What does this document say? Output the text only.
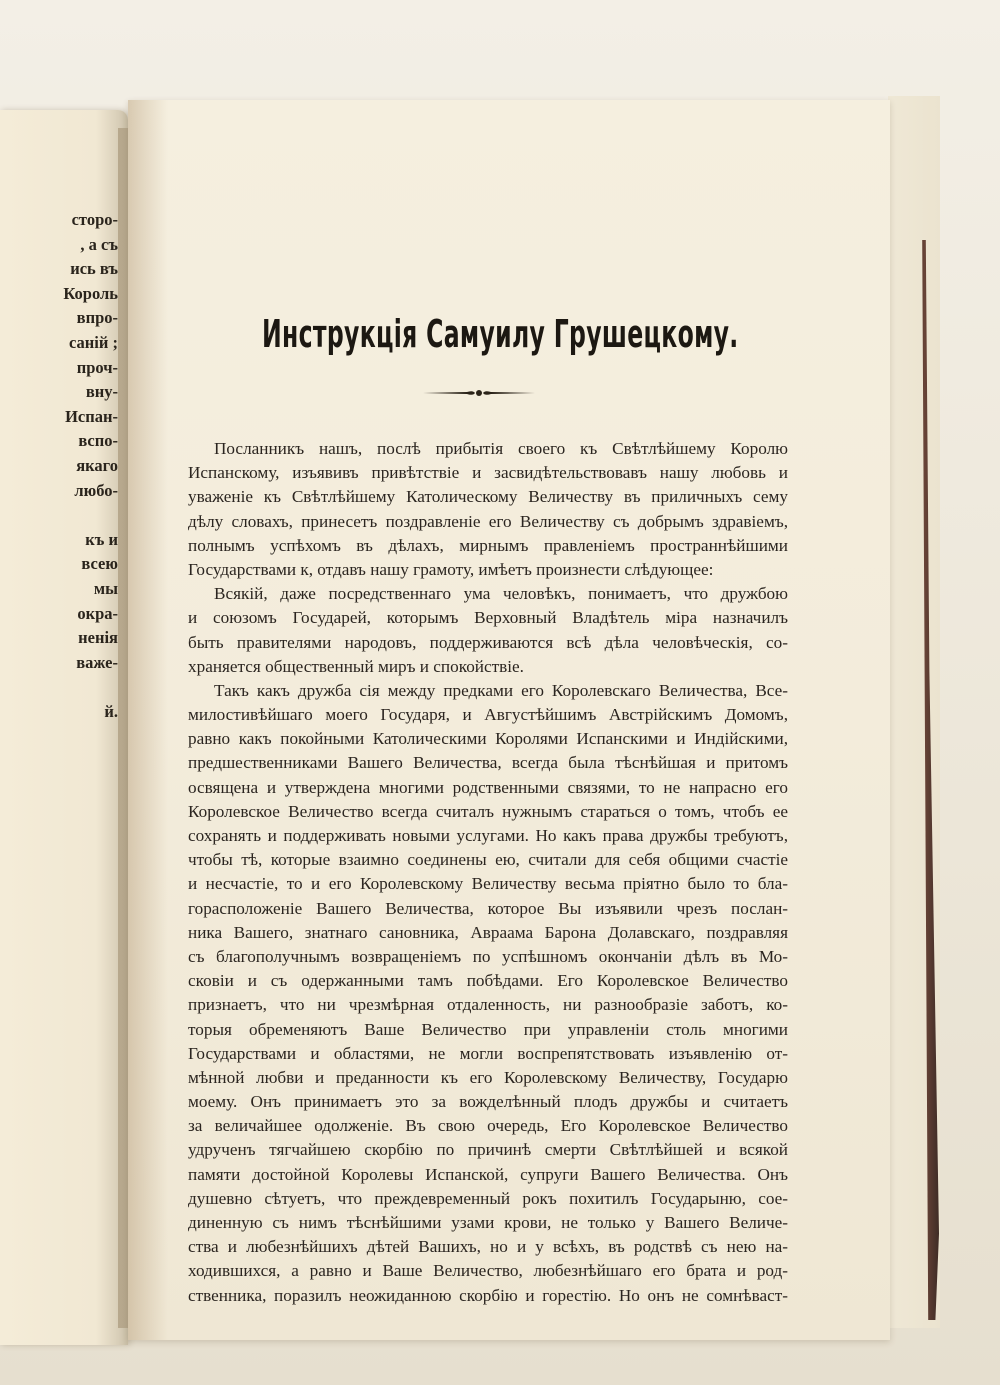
сторо-
, а съ
ись въ
Король
впро-
саній ;
проч-
вну-
Испан-
вспо-
якаго
любо-

къ и
всею
мы
окра-
ненія
важе-

й.
Инструкція Самуилу Грушецкому.
Посланникъ нашъ, послѣ прибытія своего къ Свѣтлѣйшему Королю
Испанскому, изъявивъ привѣтствіе и засвидѣтельствовавъ нашу любовь и
уваженіе къ Свѣтлѣйшему Католическому Величеству въ приличныхъ сему
дѣлу словахъ, принесетъ поздравленіе его Величеству съ добрымъ здравіемъ,
полнымъ успѣхомъ въ дѣлахъ, мирнымъ правленіемъ пространнѣйшими
Государствами к, отдавъ нашу грамоту, имѣетъ произнести слѣдующее:
Всякій, даже посредственнаго ума человѣкъ, понимаетъ, что дружбою
и союзомъ Государей, которымъ Верховный Владѣтель міра назначилъ
быть правителями народовъ, поддерживаются всѣ дѣла человѣческія, со-
храняется общественный миръ и спокойствіе.
Такъ какъ дружба сія между предками его Королевскаго Величества, Все-
милостивѣйшаго моего Государя, и Августѣйшимъ Австрійскимъ Домомъ,
равно какъ покойными Католическими Королями Испанскими и Индійскими,
предшественниками Вашего Величества, всегда была тѣснѣйшая и притомъ
освящена и утверждена многими родственными связями, то не напрасно его
Королевское Величество всегда считалъ нужнымъ стараться о томъ, чтобъ ее
сохранять и поддерживать новыми услугами. Но какъ права дружбы требуютъ,
чтобы тѣ, которые взаимно соединены ею, считали для себя общими счастіе
и несчастіе, то и его Королевскому Величеству весьма пріятно было то бла-
горасположеніе Вашего Величества, которое Вы изъявили чрезъ послан-
ника Вашего, знатнаго сановника, Авраама Барона Долавскаго, поздравляя
съ благополучнымъ возвращеніемъ по успѣшномъ окончаніи дѣлъ въ Мо-
сковіи и съ одержанными тамъ побѣдами. Его Королевское Величество
признаетъ, что ни чрезмѣрная отдаленность, ни разнообразіе заботъ, ко-
торыя обременяютъ Ваше Величество при управленіи столь многими
Государствами и областями, не могли воспрепятствовать изъявленію от-
мѣнной любви и преданности къ его Королевскому Величеству, Государю
моему. Онъ принимаетъ это за вожделѣнный плодъ дружбы и считаетъ
за величайшее одолженіе. Въ свою очередь, Его Королевское Величество
удрученъ тягчайшею скорбію по причинѣ смерти Свѣтлѣйшей и всякой
памяти достойной Королевы Испанской, супруги Вашего Величества. Онъ
душевно сѣтуетъ, что преждевременный рокъ похитилъ Государыню, сое-
диненную съ нимъ тѣснѣйшими узами крови, не только у Вашего Величе-
ства и любезнѣйшихъ дѣтей Вашихъ, но и у всѣхъ, въ родствѣ съ нею на-
ходившихся, а равно и Ваше Величество, любезнѣйшаго его брата и род-
ственника, поразилъ неожиданною скорбію и горестію. Но онъ не сомнѣваст-
